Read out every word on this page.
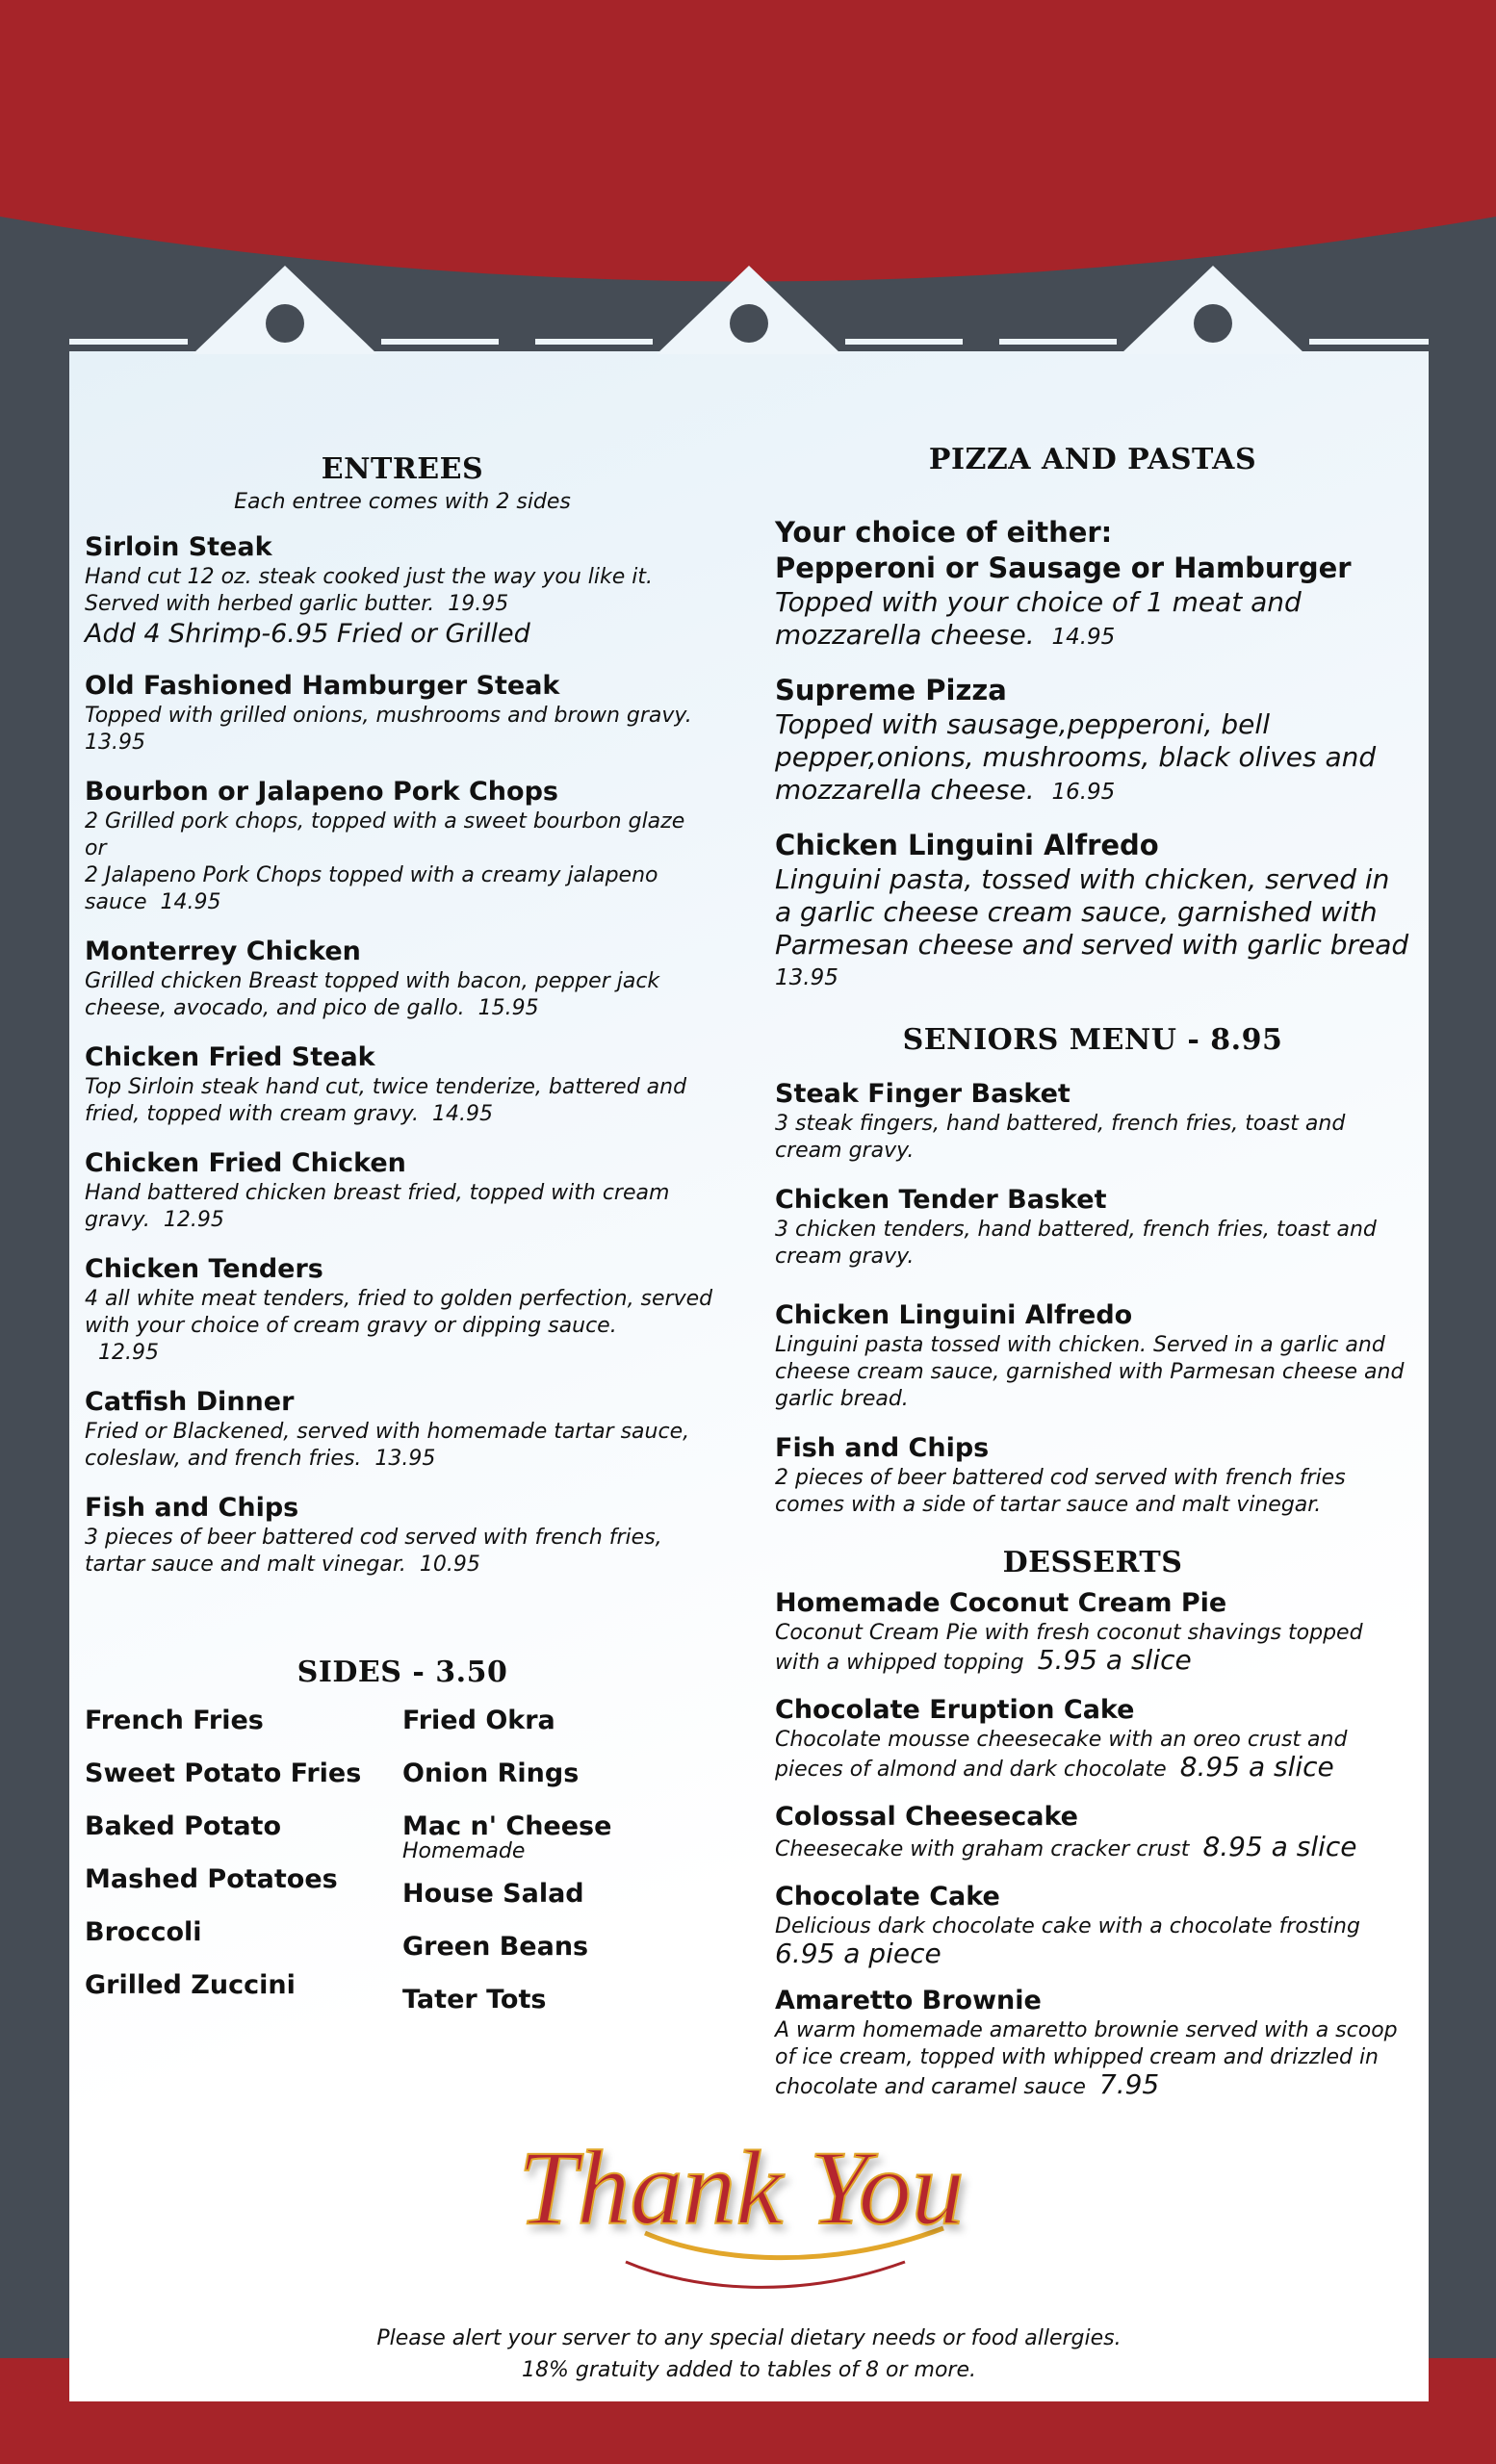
ENTREES
Each entree comes with 2 sides
Sirloin Steak
Hand cut 12 oz. steak cooked just the way you like it. Served with herbed garlic butter. 19.95
Add 4 Shrimp-6.95 Fried or Grilled
Old Fashioned Hamburger Steak
Topped with grilled onions, mushrooms and brown gravy.
13.95
Bourbon or Jalapeno Pork Chops
2 Grilled pork chops, topped with a sweet bourbon glaze
or
2 Jalapeno Pork Chops topped with a creamy jalapeno sauce 14.95
Monterrey Chicken
Grilled chicken Breast topped with bacon, pepper jack cheese, avocado, and pico de gallo. 15.95
Chicken Fried Steak
Top Sirloin steak hand cut, twice tenderize, battered and fried, topped with cream gravy. 14.95
Chicken Fried Chicken
Hand battered chicken breast fried, topped with cream gravy. 12.95
Chicken Tenders
4 all white meat tenders, fried to golden perfection, served with your choice of cream gravy or dipping sauce.
12.95
Catfish Dinner
Fried or Blackened, served with homemade tartar sauce, coleslaw, and french fries. 13.95
Fish and Chips
3 pieces of beer battered cod served with french fries, tartar sauce and malt vinegar. 10.95
SIDES - 3.50
French Fries
Sweet Potato Fries
Baked Potato
Mashed Potatoes
Broccoli
Grilled Zuccini
Fried Okra
Onion Rings
Mac n' Cheese
Homemade
House Salad
Green Beans
Tater Tots
PIZZA AND PASTAS
Your choice of either:
Pepperoni or Sausage or Hamburger
Topped with your choice of 1 meat and mozzarella cheese. 14.95
Supreme Pizza
Topped with sausage,pepperoni, bell pepper,onions, mushrooms, black olives and mozzarella cheese. 16.95
Chicken Linguini Alfredo
Linguini pasta, tossed with chicken, served in a garlic cheese cream sauce, garnished with Parmesan cheese and served with garlic bread
13.95
SENIORS MENU - 8.95
Steak Finger Basket
3 steak fingers, hand battered, french fries, toast and cream gravy.
Chicken Tender Basket
3 chicken tenders, hand battered, french fries, toast and cream gravy.
Chicken Linguini Alfredo
Linguini pasta tossed with chicken. Served in a garlic and cheese cream sauce, garnished with Parmesan cheese and garlic bread.
Fish and Chips
2 pieces of beer battered cod served with french fries comes with a side of tartar sauce and malt vinegar.
DESSERTS
Homemade Coconut Cream Pie
Coconut Cream Pie with fresh coconut shavings topped with a whipped topping 5.95 a slice
Chocolate Eruption Cake
Chocolate mousse cheesecake with an oreo crust and pieces of almond and dark chocolate 8.95 a slice
Colossal Cheesecake
Cheesecake with graham cracker crust 8.95 a slice
Chocolate Cake
Delicious dark chocolate cake with a chocolate frosting
6.95 a piece
Amaretto Brownie
A warm homemade amaretto brownie served with a scoop of ice cream, topped with whipped cream and drizzled in chocolate and caramel sauce 7.95
Thank You
Please alert your server to any special dietary needs or food allergies.
18% gratuity added to tables of 8 or more.
